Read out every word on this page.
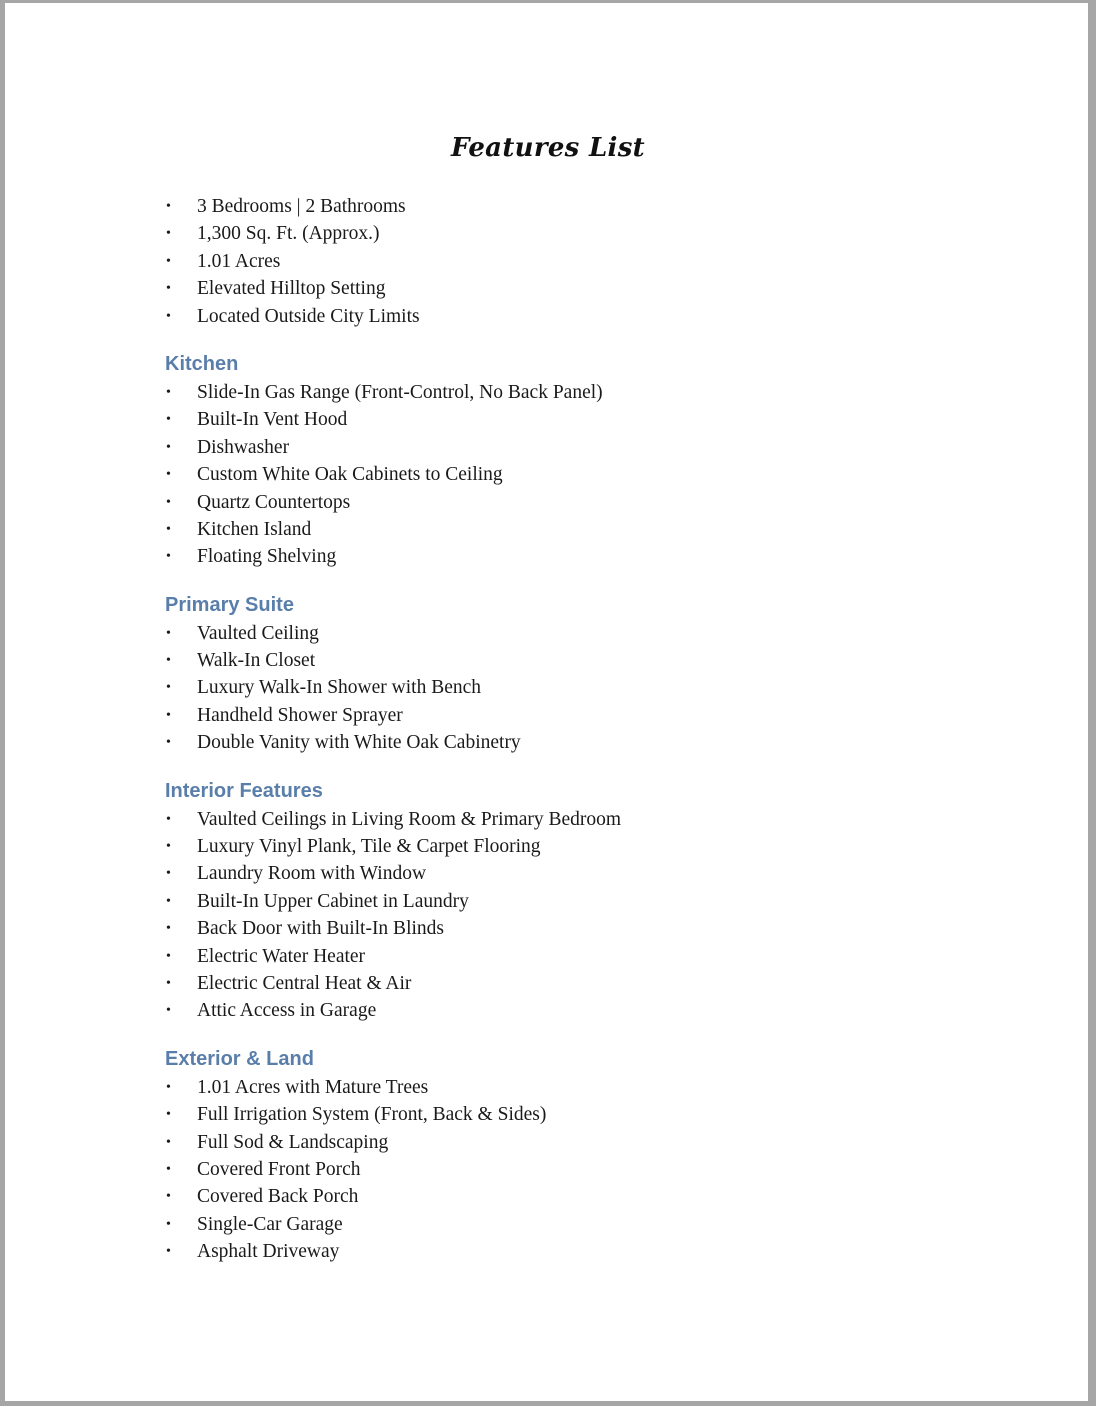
Features List
• 3 Bedrooms | 2 Bathrooms
• 1,300 Sq. Ft. (Approx.)
• 1.01 Acres
• Elevated Hilltop Setting
• Located Outside City Limits
Kitchen
• Slide-In Gas Range (Front-Control, No Back Panel)
• Built-In Vent Hood
• Dishwasher
• Custom White Oak Cabinets to Ceiling
• Quartz Countertops
• Kitchen Island
• Floating Shelving
Primary Suite
• Vaulted Ceiling
• Walk-In Closet
• Luxury Walk-In Shower with Bench
• Handheld Shower Sprayer
• Double Vanity with White Oak Cabinetry
Interior Features
• Vaulted Ceilings in Living Room & Primary Bedroom
• Luxury Vinyl Plank, Tile & Carpet Flooring
• Laundry Room with Window
• Built-In Upper Cabinet in Laundry
• Back Door with Built-In Blinds
• Electric Water Heater
• Electric Central Heat & Air
• Attic Access in Garage
Exterior & Land
• 1.01 Acres with Mature Trees
• Full Irrigation System (Front, Back & Sides)
• Full Sod & Landscaping
• Covered Front Porch
• Covered Back Porch
• Single-Car Garage
• Asphalt Driveway
